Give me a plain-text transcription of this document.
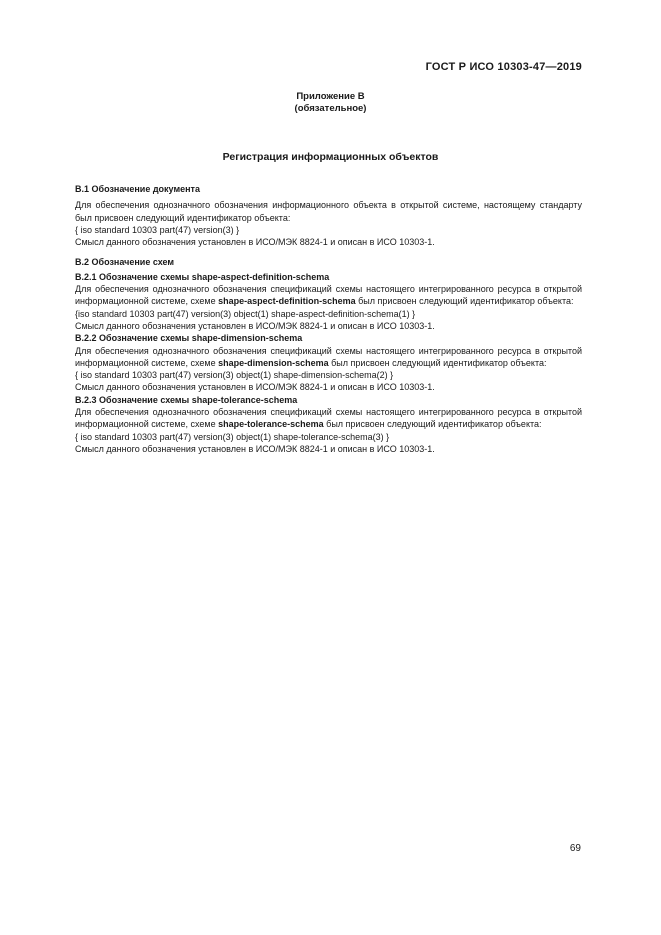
ГОСТ Р ИСО 10303-47—2019
Приложение B
(обязательное)
Регистрация информационных объектов

B.1 Обозначение документа

Для обеспечения однозначного обозначения информационного объекта в открытой системе, настоящему стандарту был присвоен следующий идентификатор объекта:

{ iso standard 10303 part(47) version(3) }

Смысл данного обозначения установлен в ИСО/МЭК 8824-1 и описан в ИСО 10303-1.

B.2 Обозначение схем

B.2.1 Обозначение схемы shape-aspect-definition-schema

Для обеспечения однозначного обозначения спецификаций схемы настоящего интегрированного ресурса в открытой информационной системе, схеме shape-aspect-definition-schema был присвоен следующий идентификатор объекта:

{iso standard 10303 part(47) version(3) object(1) shape-aspect-definition-schema(1) }

Смысл данного обозначения установлен в ИСО/МЭК 8824-1 и описан в ИСО 10303-1.

B.2.2 Обозначение схемы shape-dimension-schema

Для обеспечения однозначного обозначения спецификаций схемы настоящего интегрированного ресурса в открытой информационной системе, схеме shape-dimension-schema был присвоен следующий идентификатор объекта:

{ iso standard 10303 part(47) version(3) object(1) shape-dimension-schema(2) }

Смысл данного обозначения установлен в ИСО/МЭК 8824-1 и описан в ИСО 10303-1.

B.2.3 Обозначение схемы shape-tolerance-schema

Для обеспечения однозначного обозначения спецификаций схемы настоящего интегрированного ресурса в открытой информационной системе, схеме shape-tolerance-schema был присвоен следующий идентификатор объекта:

{ iso standard 10303 part(47) version(3) object(1) shape-tolerance-schema(3) }

Смысл данного обозначения установлен в ИСО/МЭК 8824-1 и описан в ИСО 10303-1.

69
